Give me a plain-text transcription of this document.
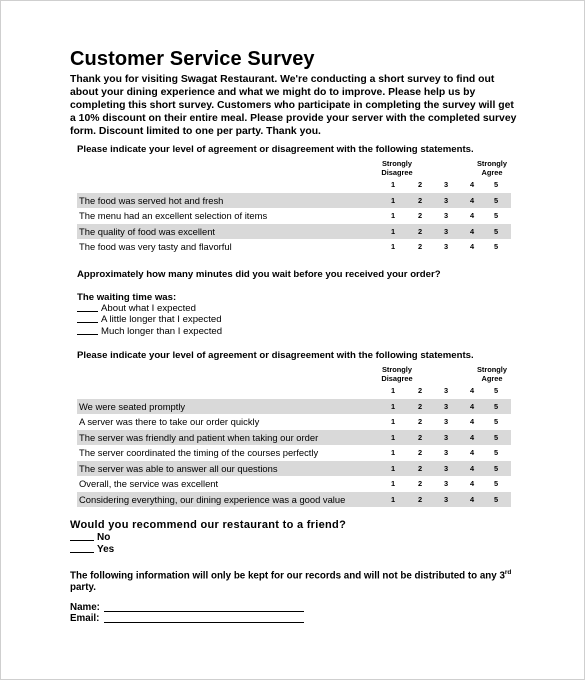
Customer Service Survey
Thank you for visiting Swagat Restaurant. We're conducting a short survey to find out about your dining experience and what we might do to improve. Please help us by completing this short survey. Customers who participate in completing the survey will get a 10% discount on their entire meal. Please provide your server with the completed survey form. Discount limited to one per party. Thank you.
Please indicate your level of agreement or disagreement with the following statements.
Strongly
Disagree
Strongly
Agree
1	2	3	4	5
The food was served hot and fresh	1	2	3	4	5
The menu had an excellent selection of items	1	2	3	4	5
The quality of food was excellent	1	2	3	4	5
The food was very tasty and flavorful	1	2	3	4	5
Approximately how many minutes did you wait before you received your order?
The waiting time was:
About what I expected
A little longer that I expected
Much longer than I expected
Please indicate your level of agreement or disagreement with the following statements.
Strongly
Disagree
Strongly
Agree
1	2	3	4	5
We were seated promptly	1	2	3	4	5
A server was there to take our order quickly	1	2	3	4	5
The server was friendly and patient when taking our order	1	2	3	4	5
The server coordinated the timing of the courses perfectly	1	2	3	4	5
The server was able to answer all our questions	1	2	3	4	5
Overall, the service was excellent	1	2	3	4	5
Considering everything, our dining experience was a good value	1	2	3	4	5
Would you recommend our restaurant to a friend?
No
Yes
The following information will only be kept for our records and will not be distributed to any 3rd party.
Name:
Email:
